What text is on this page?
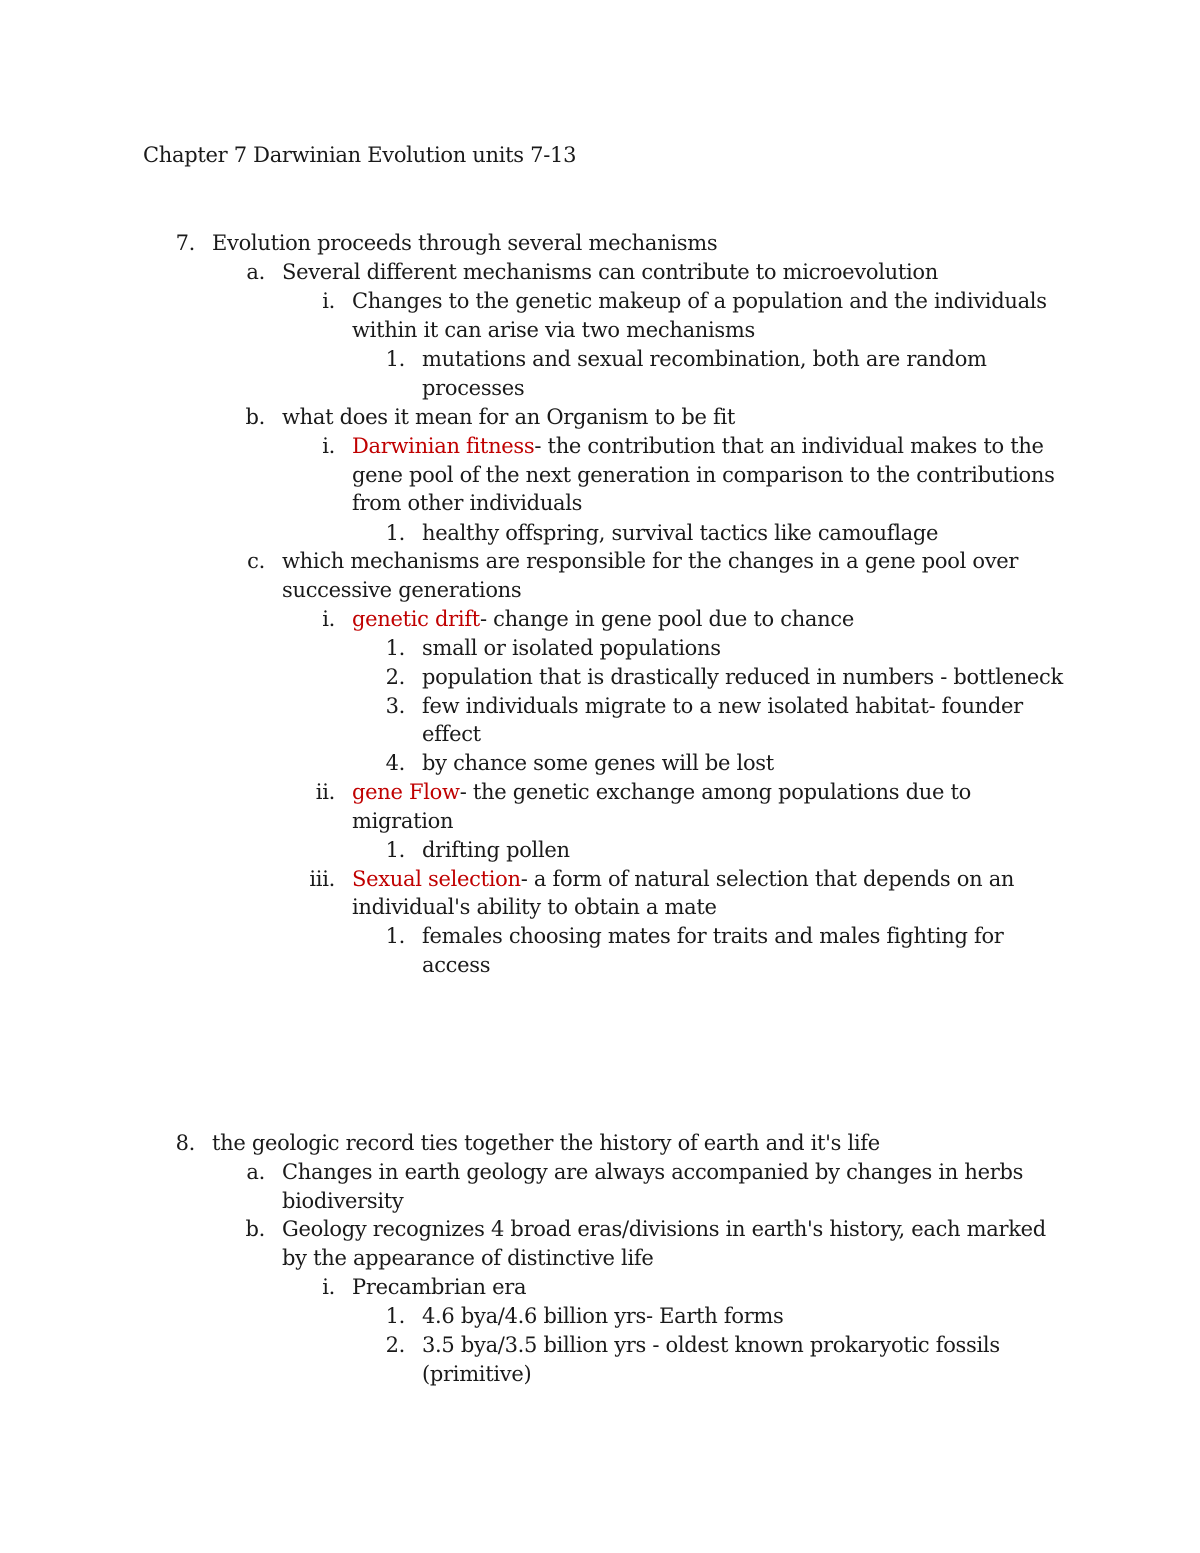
Chapter 7 Darwinian Evolution units 7-13
7. Evolution proceeds through several mechanisms
a. Several different mechanisms can contribute to microevolution
i. Changes to the genetic makeup of a population and the individuals
within it can arise via two mechanisms
1. mutations and sexual recombination, both are random
processes
b. what does it mean for an Organism to be fit
i. Darwinian fitness- the contribution that an individual makes to the
gene pool of the next generation in comparison to the contributions
from other individuals
1. healthy offspring, survival tactics like camouflage
c. which mechanisms are responsible for the changes in a gene pool over
successive generations
i. genetic drift- change in gene pool due to chance
1. small or isolated populations
2. population that is drastically reduced in numbers - bottleneck
3. few individuals migrate to a new isolated habitat- founder
effect
4. by chance some genes will be lost
ii. gene Flow- the genetic exchange among populations due to
migration
1. drifting pollen
iii. Sexual selection- a form of natural selection that depends on an
individual's ability to obtain a mate
1. females choosing mates for traits and males fighting for
access
8. the geologic record ties together the history of earth and it's life
a. Changes in earth geology are always accompanied by changes in herbs
biodiversity
b. Geology recognizes 4 broad eras/divisions in earth's history, each marked
by the appearance of distinctive life
i. Precambrian era
1. 4.6 bya/4.6 billion yrs- Earth forms
2. 3.5 bya/3.5 billion yrs - oldest known prokaryotic fossils
(primitive)
